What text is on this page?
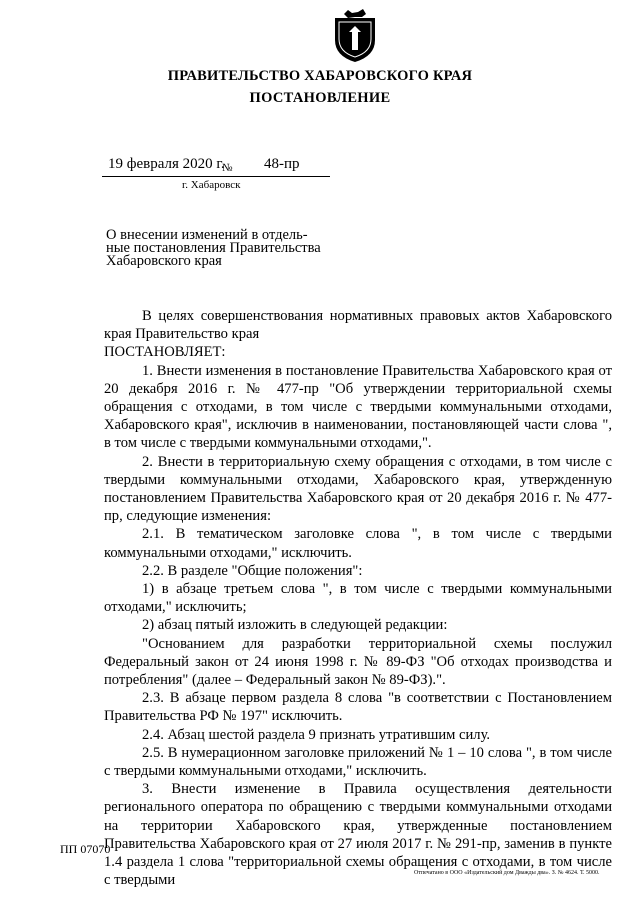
ПРАВИТЕЛЬСТВО ХАБАРОВСКОГО КРАЯ
ПОСТАНОВЛЕНИЕ
19 февраля 2020 г.
№ 48-пр
г. Хабаровск
О внесении изменений в отдель-
ные постановления Правительства
Хабаровского края

В целях совершенствования нормативных правовых актов Хабаровского края Правительство края

ПОСТАНОВЛЯЕТ:

1. Внести изменения в постановление Правительства Хабаровского края от 20 декабря 2016 г. № 477-пр "Об утверждении территориальной схемы обращения с отходами, в том числе с твердыми коммунальными отходами, Хабаровского края", исключив в наименовании, постановляющей части слова ", в том числе с твердыми коммунальными отходами,".

2. Внести в территориальную схему обращения с отходами, в том числе с твердыми коммунальными отходами, Хабаровского края, утвержденную постановлением Правительства Хабаровского края от 20 декабря 2016 г. № 477-пр, следующие изменения:

2.1. В тематическом заголовке слова ", в том числе с твердыми коммунальными отходами," исключить.

2.2. В разделе "Общие положения":

1) в абзаце третьем слова ", в том числе с твердыми коммунальными отходами," исключить;

2) абзац пятый изложить в следующей редакции:

"Основанием для разработки территориальной схемы послужил Федеральный закон от 24 июня 1998 г. № 89-ФЗ "Об отходах производства и потребления" (далее – Федеральный закон № 89-ФЗ).".

2.3. В абзаце первом раздела 8 слова "в соответствии с Постановлением Правительства РФ № 197" исключить.

2.4. Абзац шестой раздела 9 признать утратившим силу.

2.5. В нумерационном заголовке приложений № 1 – 10 слова ", в том числе с твердыми коммунальными отходами," исключить.

3. Внести изменение в Правила осуществления деятельности регионального оператора по обращению с твердыми коммунальными отходами на территории Хабаровского края, утвержденные постановлением Правительства Хабаровского края от 27 июля 2017 г. № 291-пр, заменив в пункте 1.4 раздела 1 слова "территориальной схемы обращения с отходами, в том числе с твердыми

ПП 07070
Отпечатано в ООО «Издательский дом Дважды два». З. № 4624. Т. 5000.
